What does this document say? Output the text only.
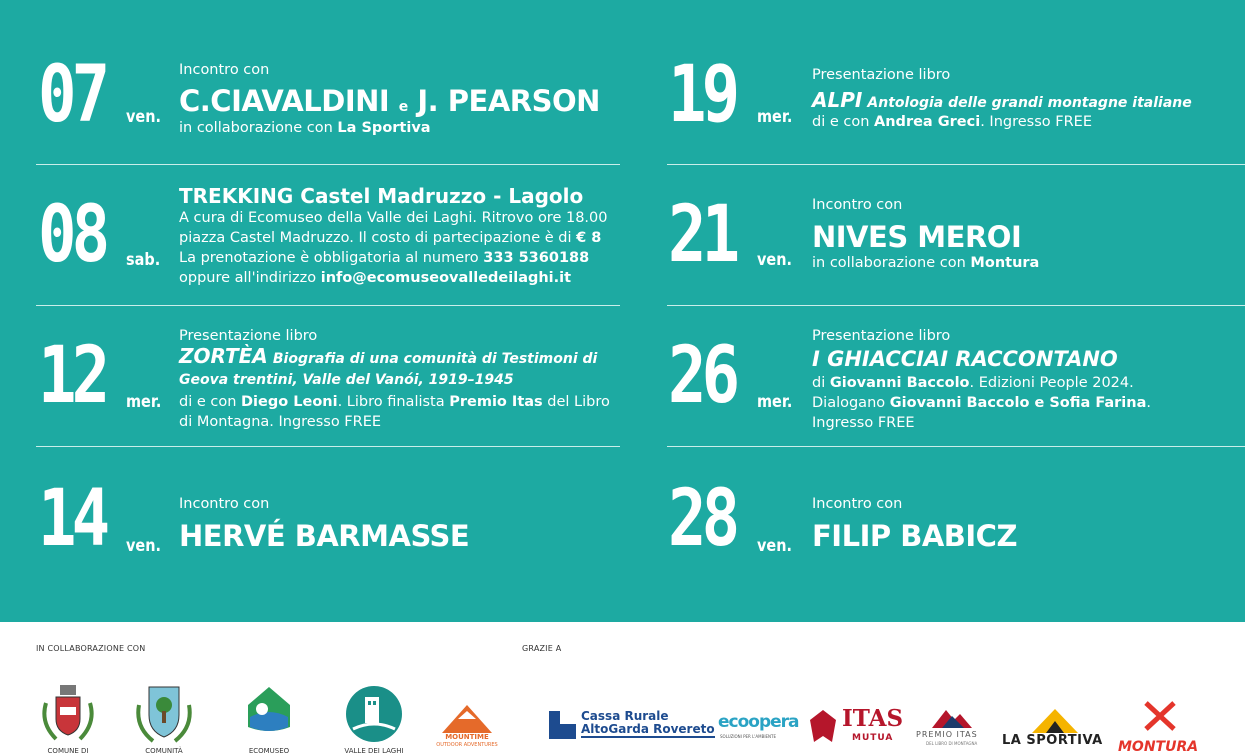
07 ven.
Incontro con
C.CIAVALDINI e J. PEARSON
in collaborazione con La Sportiva
08 sab.
TREKKING Castel Madruzzo - Lagolo
A cura di Ecomuseo della Valle dei Laghi. Ritrovo ore 18.00
piazza Castel Madruzzo. Il costo di partecipazione è di € 8
La prenotazione è obbligatoria al numero 333 5360188
oppure all'indirizzo info@ecomuseovalledeilaghi.it
12 mer.
Presentazione libro
ZORTÈA Biografia di una comunità di Testimoni di
Geova trentini, Valle del Vanói, 1919–1945
di e con Diego Leoni. Libro finalista Premio Itas del Libro
di Montagna. Ingresso FREE
14 ven.
Incontro con
HERVÉ BARMASSE
19 mer.
Presentazione libro
ALPI Antologia delle grandi montagne italiane
di e con Andrea Greci. Ingresso FREE
21 ven.
Incontro con
NIVES MEROI
in collaborazione con Montura
26 mer.
Presentazione libro
I GHIACCIAI RACCONTANO
di Giovanni Baccolo. Edizioni People 2024.
Dialogano Giovanni Baccolo e Sofia Farina.
Ingresso FREE
28 ven.
Incontro con
FILIP BABICZ
IN COLLABORAZIONE CON	GRAZIE A
COMUNE DI	COMUNITÀ	ECOMUSEO	VALLE DEI LAGHI
MOUNTIME
OUTDOOR ADVENTURES
Cassa Rurale
AltoGarda Rovereto ecoopera
SOLUZIONI PER L'AMBIENTE
ITAS
MUTUA	PREMIO ITAS
DEL LIBRO DI MONTAGNA LA SPORTIVA MONTURA
